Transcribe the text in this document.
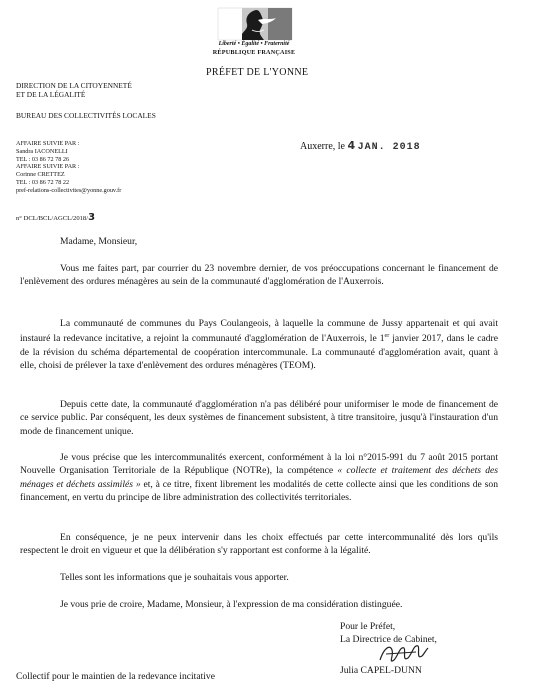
Liberté • Égalité • Fraternité
RÉPUBLIQUE FRANÇAISE
PRÉFET DE L'YONNE
DIRECTION DE LA CITOYENNETÉ
ET DE LA LÉGALITÉ
BUREAU DES COLLECTIVITÉS LOCALES
AFFAIRE SUIVIE PAR :
Sandra IACONELLI
TEL : 03 86 72 78 26
AFFAIRE SUIVIE PAR :
Corinne CRETTEZ
TEL : 03 86 72 78 22
pref-relations-collectivites@yonne.gouv.fr
n° DCL/BCL/AGCL/2018/3
Auxerre, le 4 JAN. 2018
Madame, Monsieur,
Vous me faites part, par courrier du 23 novembre dernier, de vos préoccupations concernant le financement de l'enlèvement des ordures ménagères au sein de la communauté d'agglomération de l'Auxerrois.
La communauté de communes du Pays Coulangeois, à laquelle la commune de Jussy appartenait et qui avait instauré la redevance incitative, a rejoint la communauté d'agglomération de l'Auxerrois, le 1er janvier 2017, dans le cadre de la révision du schéma départemental de coopération intercommunale. La communauté d'agglomération avait, quant à elle, choisi de prélever la taxe d'enlèvement des ordures ménagères (TEOM).
Depuis cette date, la communauté d'agglomération n'a pas délibéré pour uniformiser le mode de financement de ce service public. Par conséquent, les deux systèmes de financement subsistent, à titre transitoire, jusqu'à l'instauration d'un mode de financement unique.
Je vous précise que les intercommunalités exercent, conformément à la loi n°2015-991 du 7 août 2015 portant Nouvelle Organisation Territoriale de la République (NOTRe), la compétence « collecte et traitement des déchets des ménages et déchets assimilés » et, à ce titre, fixent librement les modalités de cette collecte ainsi que les conditions de son financement, en vertu du principe de libre administration des collectivités territoriales.
En conséquence, je ne peux intervenir dans les choix effectués par cette intercommunalité dès lors qu'ils respectent le droit en vigueur et que la délibération s'y rapportant est conforme à la légalité.
Telles sont les informations que je souhaitais vous apporter.
Je vous prie de croire, Madame, Monsieur, à l'expression de ma considération distinguée.
Pour le Préfet,
La Directrice de Cabinet,
Julia CAPEL-DUNN
Collectif pour le maintien de la redevance incitative
